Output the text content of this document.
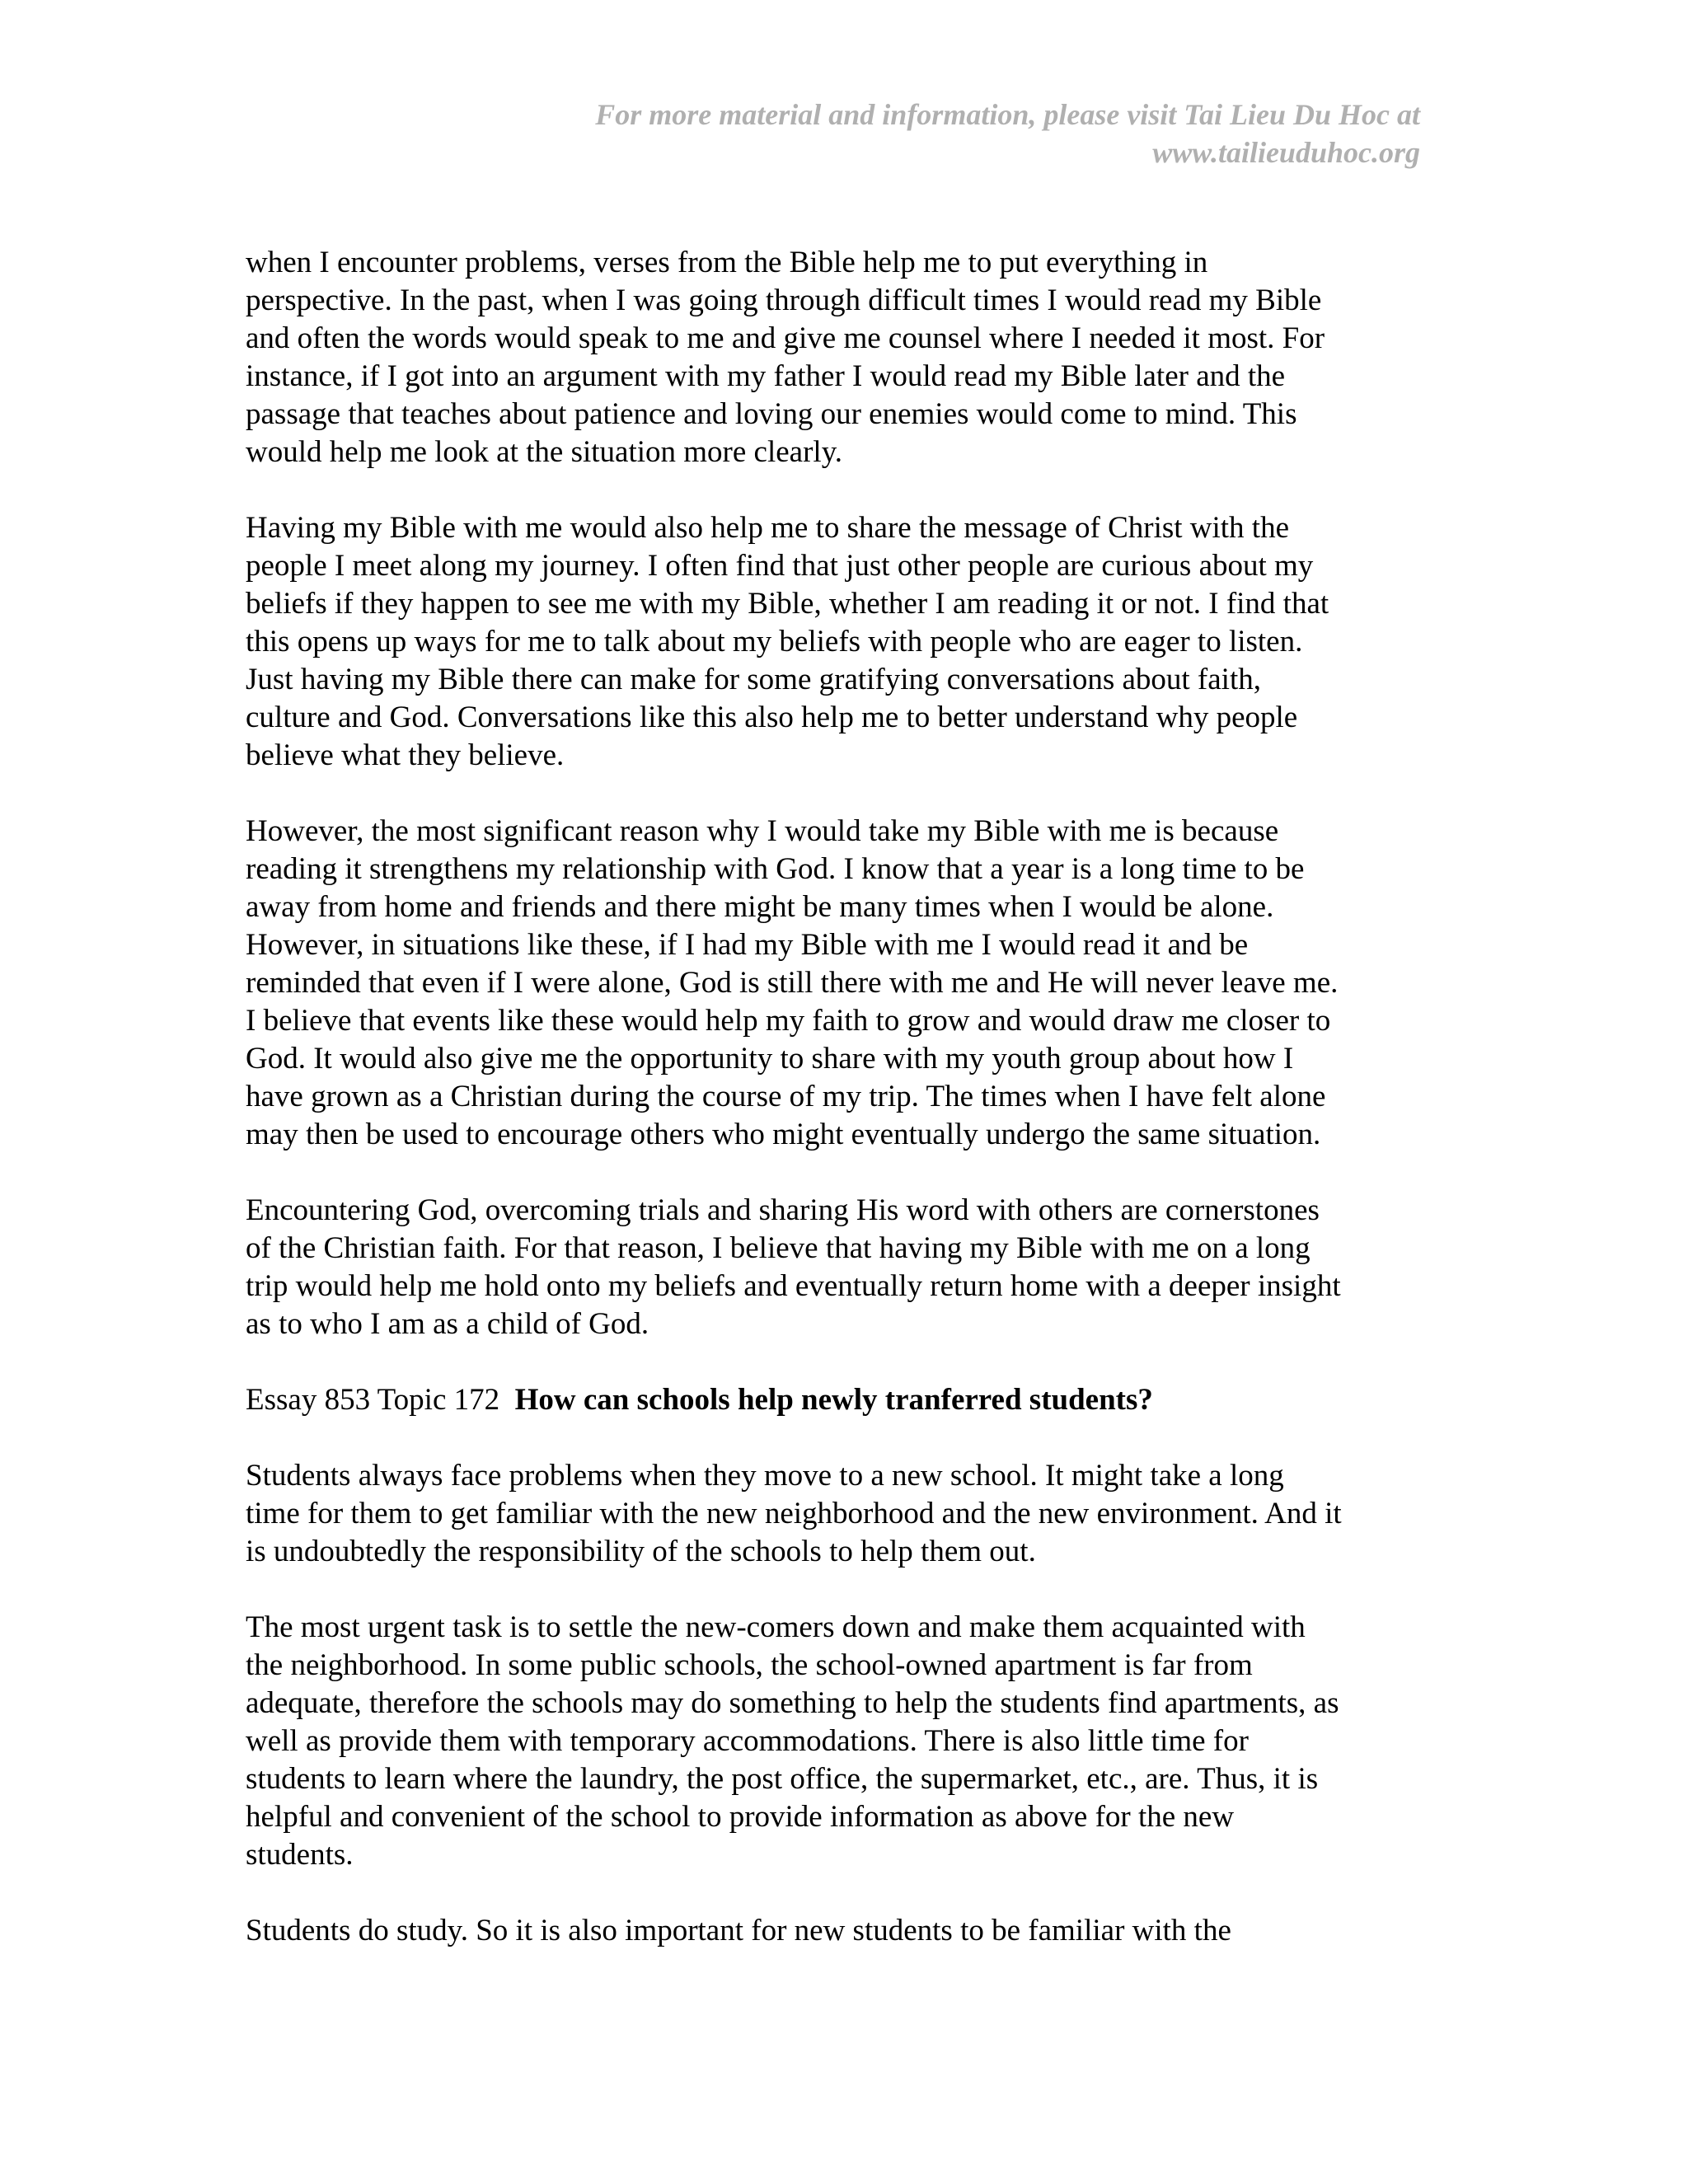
For more material and information, please visit Tai Lieu Du Hoc at
www.tailieuduhoc.org

when I encounter problems, verses from the Bible help me to put everything in
perspective. In the past, when I was going through difficult times I would read my Bible
and often the words would speak to me and give me counsel where I needed it most. For
instance, if I got into an argument with my father I would read my Bible later and the
passage that teaches about patience and loving our enemies would come to mind. This
would help me look at the situation more clearly.

Having my Bible with me would also help me to share the message of Christ with the
people I meet along my journey. I often find that just other people are curious about my
beliefs if they happen to see me with my Bible, whether I am reading it or not. I find that
this opens up ways for me to talk about my beliefs with people who are eager to listen.
Just having my Bible there can make for some gratifying conversations about faith,
culture and God. Conversations like this also help me to better understand why people
believe what they believe.

However, the most significant reason why I would take my Bible with me is because
reading it strengthens my relationship with God. I know that a year is a long time to be
away from home and friends and there might be many times when I would be alone.
However, in situations like these, if I had my Bible with me I would read it and be
reminded that even if I were alone, God is still there with me and He will never leave me.
I believe that events like these would help my faith to grow and would draw me closer to
God. It would also give me the opportunity to share with my youth group about how I
have grown as a Christian during the course of my trip. The times when I have felt alone
may then be used to encourage others who might eventually undergo the same situation.

Encountering God, overcoming trials and sharing His word with others are cornerstones
of the Christian faith. For that reason, I believe that having my Bible with me on a long
trip would help me hold onto my beliefs and eventually return home with a deeper insight
as to who I am as a child of God.

Essay 853 Topic 172 How can schools help newly tranferred students?

Students always face problems when they move to a new school. It might take a long
time for them to get familiar with the new neighborhood and the new environment. And it
is undoubtedly the responsibility of the schools to help them out.

The most urgent task is to settle the new-comers down and make them acquainted with
the neighborhood. In some public schools, the school-owned apartment is far from
adequate, therefore the schools may do something to help the students find apartments, as
well as provide them with temporary accommodations. There is also little time for
students to learn where the laundry, the post office, the supermarket, etc., are. Thus, it is
helpful and convenient of the school to provide information as above for the new
students.

Students do study. So it is also important for new students to be familiar with the
